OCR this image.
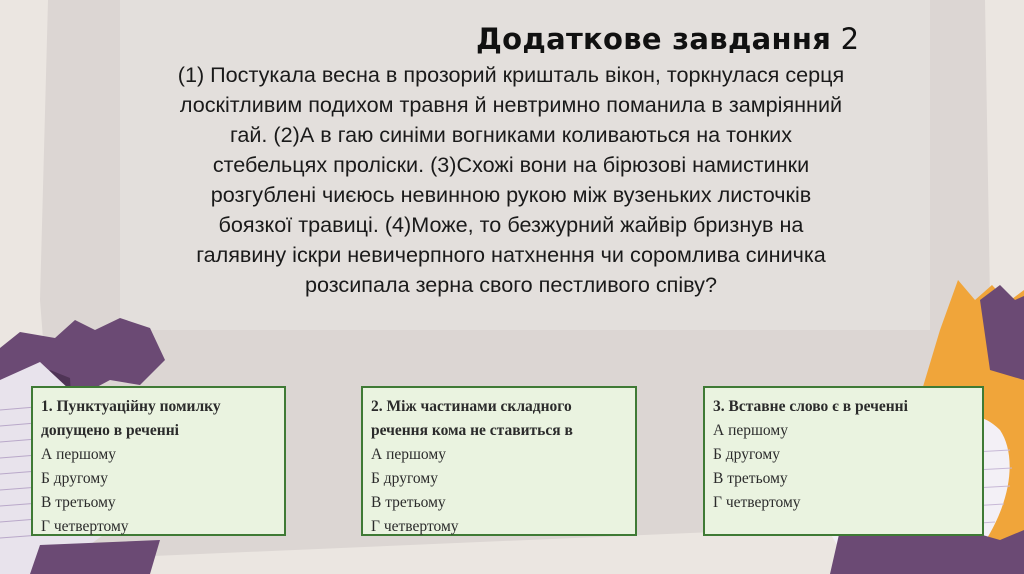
Додаткове завдання 2
(1) Постукала весна в прозорий кришталь вікон, торкнулася серця
лоскітливим подихом травня й невтримно поманила в замріянний
гай. (2)А в гаю синіми вогниками коливаються на тонких
стебельцях проліски. (3)Схожі вони на бірюзові намистинки
розгублені чиєюсь невинною рукою між вузеньких листочків
боязкої травиці. (4)Може, то безжурний жайвір бризнув на
галявину іскри невичерпного натхнення чи соромлива синичка
розсипала зерна свого пестливого співу?
1. Пунктуаційну помилку
допущено в реченні
А першому
Б другому
В третьому
Г четвертому
2. Між частинами складного
речення кома не ставиться в
А першому
Б другому
В третьому
Г четвертому
3. Вставне слово є в реченні
А першому
Б другому
В третьому
Г четвертому
